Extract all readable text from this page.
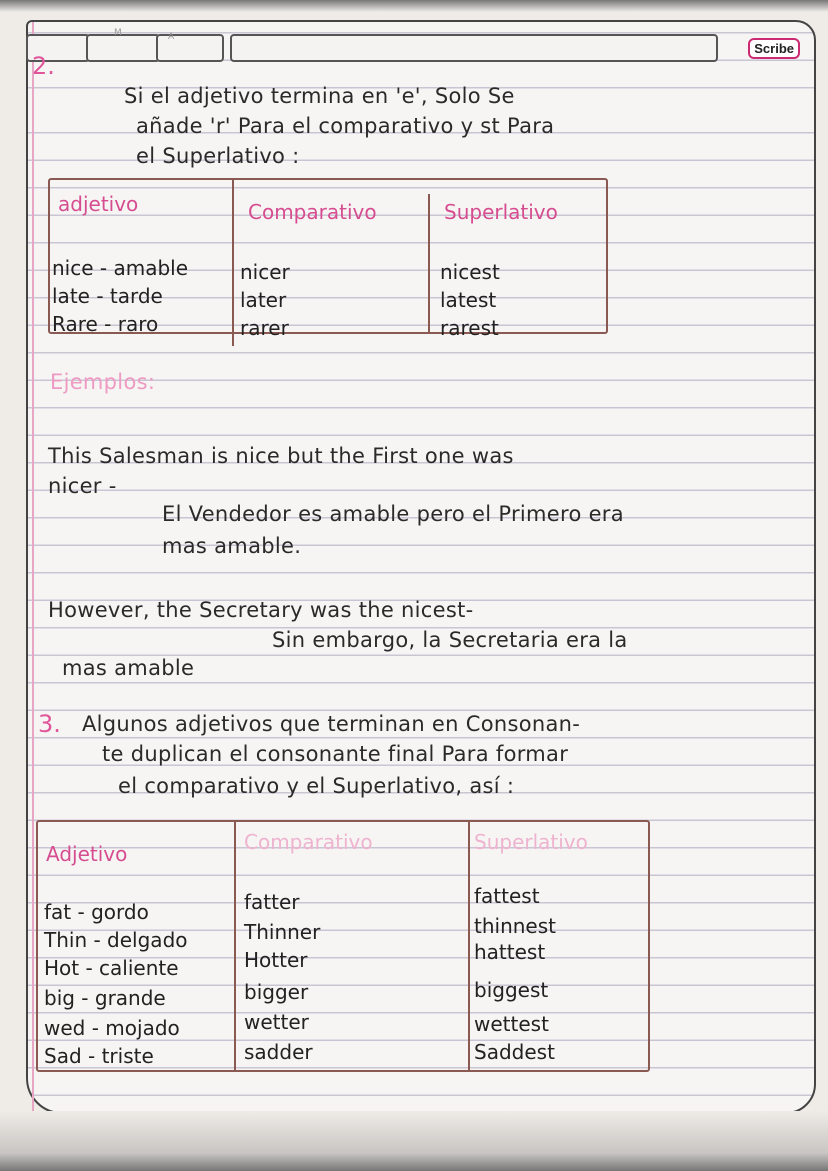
M	A
Scribe
2.
Si el adjetivo termina en 'e', Solo Se
añade 'r' Para el comparativo y st Para
el Superlativo :
adjetivo	Comparativo	Superlativo
nice - amable	nicer	nicest
late - tarde	later	latest
Rare - raro	rarer	rarest
Ejemplos:
This Salesman is nice but the First one was
nicer -
El Vendedor es amable pero el Primero era
mas amable.
However, the Secretary was the nicest-
Sin embargo, la Secretaria era la
mas amable
3. Algunos adjetivos que terminan en Consonan-
te duplican el consonante final Para formar
el comparativo y el Superlativo, así :
Adjetivo	Comparativo	Superlativo
fat - gordo	fatter	fattest
Thin - delgado	Thinner	thinnest
Hot - caliente	Hotter	hattest
big - grande	bigger	biggest
wed - mojado	wetter	wettest
Sad - triste	sadder	Saddest
